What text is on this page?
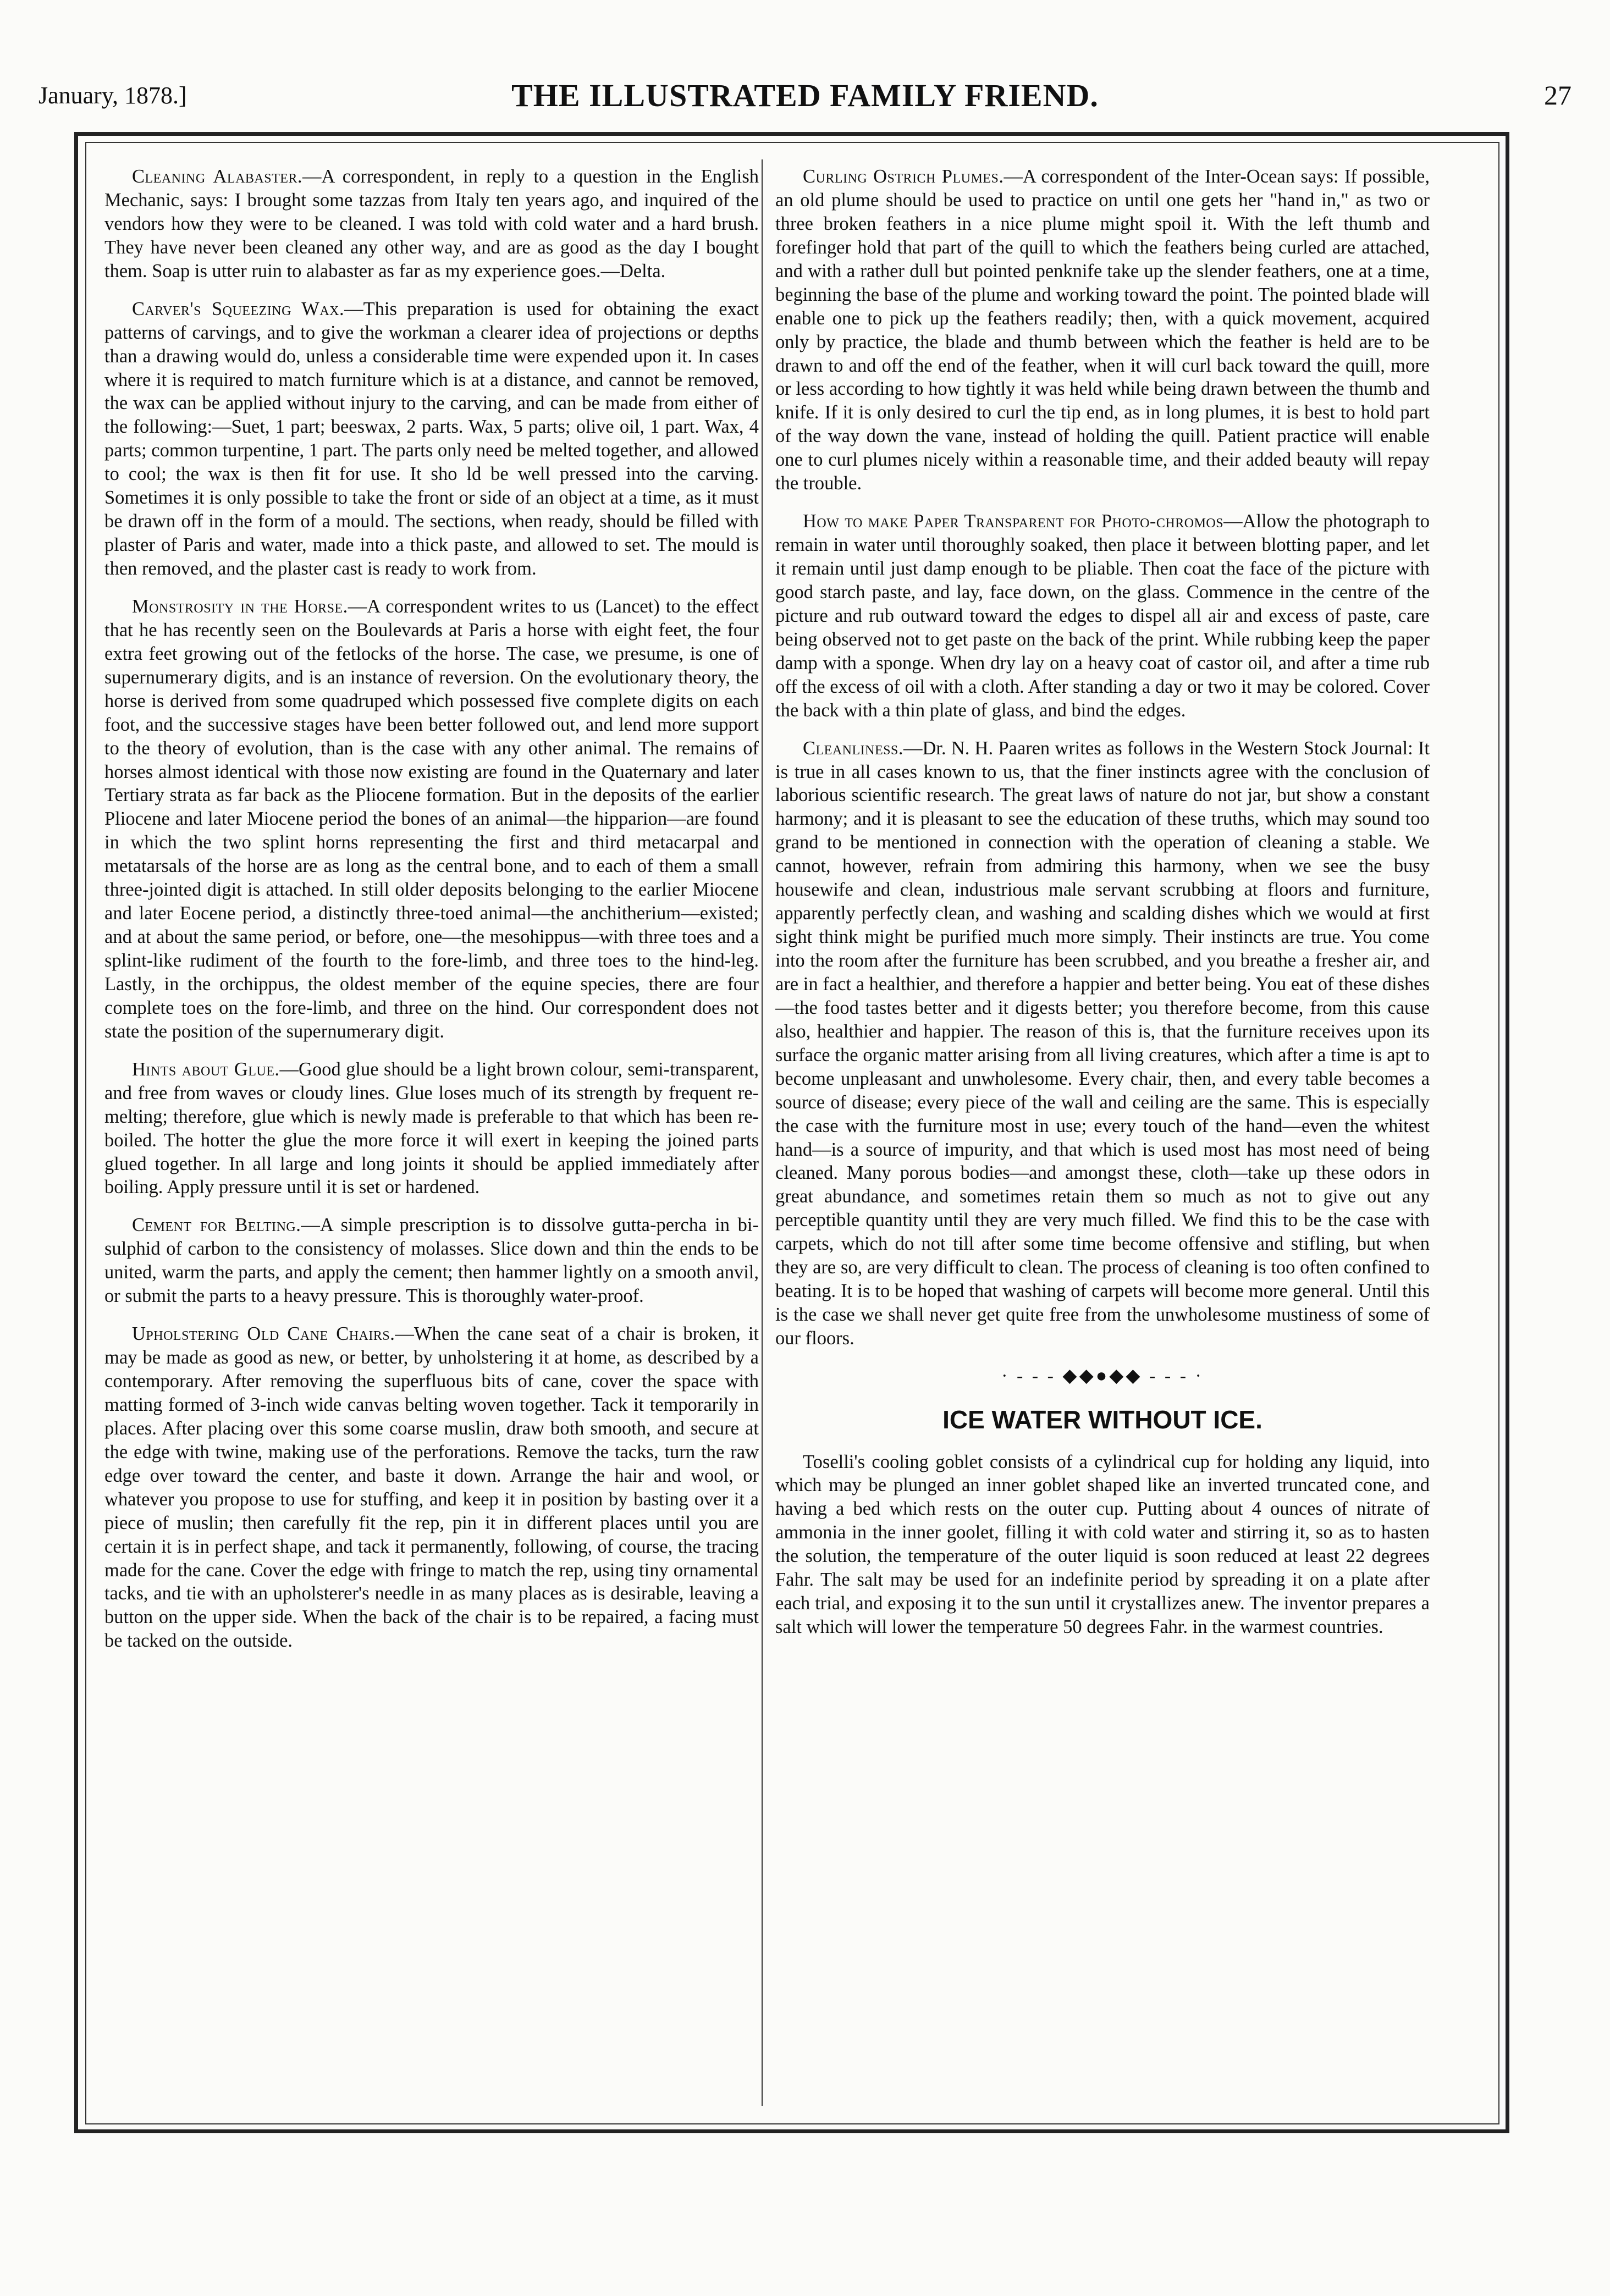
January, 1878.]	THE ILLUSTRATED FAMILY FRIEND.	27

Cleaning Alabaster.—A correspondent, in reply to a question in the English Mechanic, says: I brought some tazzas from Italy ten years ago, and inquired of the vendors how they were to be cleaned. I was told with cold water and a hard brush. They have never been cleaned any other way, and are as good as the day I bought them. Soap is utter ruin to alabaster as far as my experience goes.—Delta.

Carver's Squeezing Wax.—This preparation is used for obtaining the exact patterns of carvings, and to give the workman a clearer idea of projections or depths than a drawing would do, unless a considerable time were expended upon it. In cases where it is required to match furniture which is at a distance, and cannot be removed, the wax can be applied without injury to the carving, and can be made from either of the following:—Suet, 1 part; beeswax, 2 parts. Wax, 5 parts; olive oil, 1 part. Wax, 4 parts; common turpentine, 1 part. The parts only need be melted together, and allowed to cool; the wax is then fit for use. It sho ld be well pressed into the carving. Sometimes it is only possible to take the front or side of an object at a time, as it must be drawn off in the form of a mould. The sections, when ready, should be filled with plaster of Paris and water, made into a thick paste, and allowed to set. The mould is then removed, and the plaster cast is ready to work from.

Monstrosity in the Horse.—A correspondent writes to us (Lancet) to the effect that he has recently seen on the Boulevards at Paris a horse with eight feet, the four extra feet growing out of the fetlocks of the horse. The case, we presume, is one of supernumerary digits, and is an instance of reversion. On the evolutionary theory, the horse is derived from some quadruped which possessed five complete digits on each foot, and the successive stages have been better followed out, and lend more support to the theory of evolution, than is the case with any other animal. The remains of horses almost identical with those now existing are found in the Quaternary and later Tertiary strata as far back as the Pliocene formation. But in the deposits of the earlier Pliocene and later Miocene period the bones of an animal—the hipparion—are found in which the two splint horns representing the first and third metacarpal and metatarsals of the horse are as long as the central bone, and to each of them a small three-jointed digit is attached. In still older deposits belonging to the earlier Miocene and later Eocene period, a distinctly three-toed animal—the anchitherium—existed; and at about the same period, or before, one—the mesohippus—with three toes and a splint-like rudiment of the fourth to the fore-limb, and three toes to the hind-leg. Lastly, in the orchippus, the oldest member of the equine species, there are four complete toes on the fore-limb, and three on the hind. Our correspondent does not state the position of the supernumerary digit.

Hints about Glue.—Good glue should be a light brown colour, semi-transparent, and free from waves or cloudy lines. Glue loses much of its strength by frequent re-melting; therefore, glue which is newly made is preferable to that which has been re-boiled. The hotter the glue the more force it will exert in keeping the joined parts glued together. In all large and long joints it should be applied immediately after boiling. Apply pressure until it is set or hardened.

Cement for Belting.—A simple prescription is to dissolve gutta-percha in bi-sulphid of carbon to the consistency of molasses. Slice down and thin the ends to be united, warm the parts, and apply the cement; then hammer lightly on a smooth anvil, or submit the parts to a heavy pressure. This is thoroughly water-proof.

Upholstering Old Cane Chairs.—When the cane seat of a chair is broken, it may be made as good as new, or better, by unholstering it at home, as described by a contemporary. After removing the superfluous bits of cane, cover the space with matting formed of 3-inch wide canvas belting woven together. Tack it temporarily in places. After placing over this some coarse muslin, draw both smooth, and secure at the edge with twine, making use of the perforations. Remove the tacks, turn the raw edge over toward the center, and baste it down. Arrange the hair and wool, or whatever you propose to use for stuffing, and keep it in position by basting over it a piece of muslin; then carefully fit the rep, pin it in different places until you are certain it is in perfect shape, and tack it permanently, following, of course, the tracing made for the cane. Cover the edge with fringe to match the rep, using tiny ornamental tacks, and tie with an upholsterer's needle in as many places as is desirable, leaving a button on the upper side. When the back of the chair is to be repaired, a facing must be tacked on the outside.

Curling Ostrich Plumes.—A correspondent of the Inter-Ocean says: If possible, an old plume should be used to practice on until one gets her "hand in," as two or three broken feathers in a nice plume might spoil it. With the left thumb and forefinger hold that part of the quill to which the feathers being curled are attached, and with a rather dull but pointed penknife take up the slender feathers, one at a time, beginning the base of the plume and working toward the point. The pointed blade will enable one to pick up the feathers readily; then, with a quick movement, acquired only by practice, the blade and thumb between which the feather is held are to be drawn to and off the end of the feather, when it will curl back toward the quill, more or less according to how tightly it was held while being drawn between the thumb and knife. If it is only desired to curl the tip end, as in long plumes, it is best to hold part of the way down the vane, instead of holding the quill. Patient practice will enable one to curl plumes nicely within a reasonable time, and their added beauty will repay the trouble.

How to make Paper Transparent for Photo-chromos—Allow the photograph to remain in water until thoroughly soaked, then place it between blotting paper, and let it remain until just damp enough to be pliable. Then coat the face of the picture with good starch paste, and lay, face down, on the glass. Commence in the centre of the picture and rub outward toward the edges to dispel all air and excess of paste, care being observed not to get paste on the back of the print. While rubbing keep the paper damp with a sponge. When dry lay on a heavy coat of castor oil, and after a time rub off the excess of oil with a cloth. After standing a day or two it may be colored. Cover the back with a thin plate of glass, and bind the edges.

Cleanliness.—Dr. N. H. Paaren writes as follows in the Western Stock Journal: It is true in all cases known to us, that the finer instincts agree with the conclusion of laborious scientific research. The great laws of nature do not jar, but show a constant harmony; and it is pleasant to see the education of these truths, which may sound too grand to be mentioned in connection with the operation of cleaning a stable. We cannot, however, refrain from admiring this harmony, when we see the busy housewife and clean, industrious male servant scrubbing at floors and furniture, apparently perfectly clean, and washing and scalding dishes which we would at first sight think might be purified much more simply. Their instincts are true. You come into the room after the furniture has been scrubbed, and you breathe a fresher air, and are in fact a healthier, and therefore a happier and better being. You eat of these dishes—the food tastes better and it digests better; you therefore become, from this cause also, healthier and happier. The reason of this is, that the furniture receives upon its surface the organic matter arising from all living creatures, which after a time is apt to become unpleasant and unwholesome. Every chair, then, and every table becomes a source of disease; every piece of the wall and ceiling are the same. This is especially the case with the furniture most in use; every touch of the hand—even the whitest hand—is a source of impurity, and that which is used most has most need of being cleaned. Many porous bodies—and amongst these, cloth—take up these odors in great abundance, and sometimes retain them so much as not to give out any perceptible quantity until they are very much filled. We find this to be the case with carpets, which do not till after some time become offensive and stifling, but when they are so, are very difficult to clean. The process of cleaning is too often confined to beating. It is to be hoped that washing of carpets will become more general. Until this is the case we shall never get quite free from the unwholesome mustiness of some of our floors.

· - - - ◆◆●◆◆ - - - ·
ICE WATER WITHOUT ICE.

Toselli's cooling goblet consists of a cylindrical cup for holding any liquid, into which may be plunged an inner goblet shaped like an inverted truncated cone, and having a bed which rests on the outer cup. Putting about 4 ounces of nitrate of ammonia in the inner goolet, filling it with cold water and stirring it, so as to hasten the solution, the temperature of the outer liquid is soon reduced at least 22 degrees Fahr. The salt may be used for an indefinite period by spreading it on a plate after each trial, and exposing it to the sun until it crystallizes anew. The inventor prepares a salt which will lower the temperature 50 degrees Fahr. in the warmest countries.
